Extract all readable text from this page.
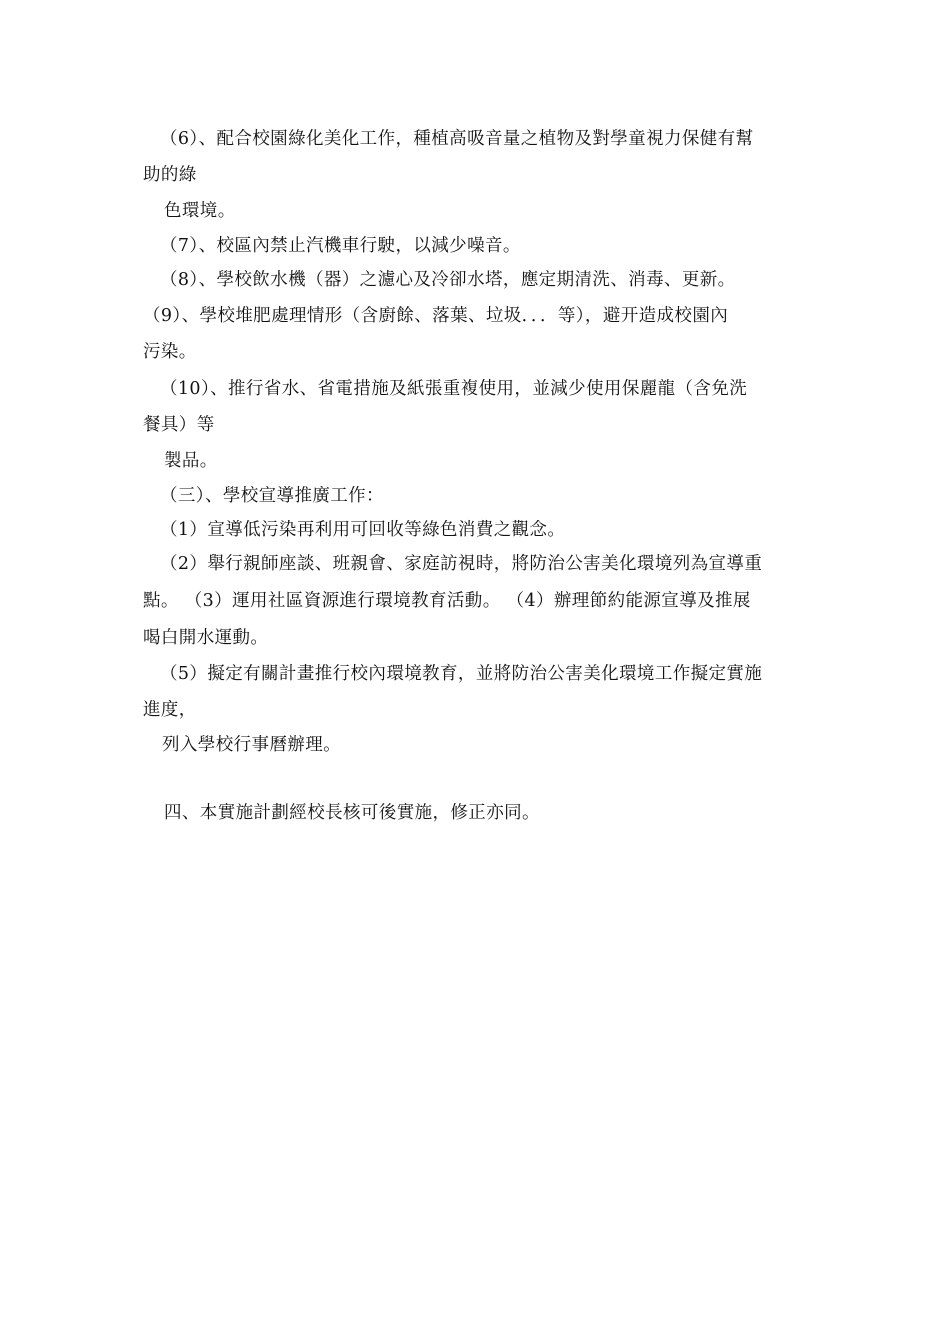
（6）、配合校園綠化美化工作，種植高吸音量之植物及對學童視力保健有幫
助的綠
色環境。
（7）、校區內禁止汽機車行駛，以減少噪音。
（8）、學校飲水機（器）之濾心及冷卻水塔，應定期清洗、消毒、更新。
（9）、學校堆肥處理情形（含廚餘、落葉、垃圾．．．等），避开造成校園內
污染。
（10）、推行省水、省電措施及紙張重複使用，並減少使用保麗龍（含免洗
餐具）等
製品。
（三）、學校宣導推廣工作：
（1）宣導低污染再利用可回收等綠色消費之觀念。
（2）舉行親師座談、班親會、家庭訪視時，將防治公害美化環境列為宣導重
點。 （3）運用社區資源進行環境教育活動。 （4）辦理節約能源宣導及推展
喝白開水運動。
（5）擬定有關計畫推行校內環境教育，並將防治公害美化環境工作擬定實施
進度，
列入學校行事曆辦理。
四、本實施計劃經校長核可後實施，修正亦同。
